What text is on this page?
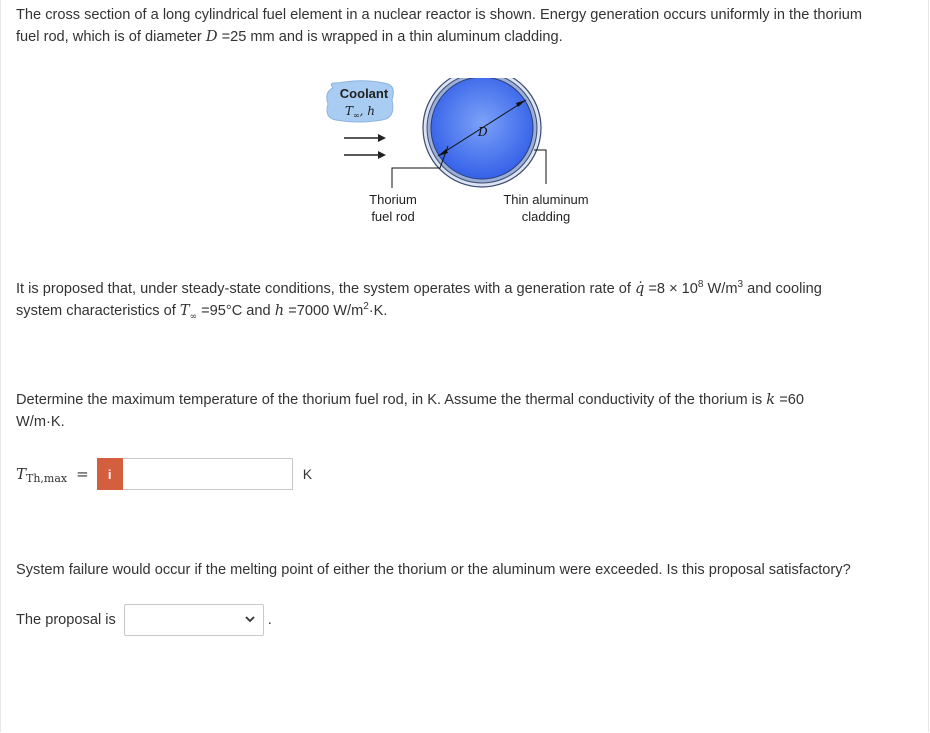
The cross section of a long cylindrical fuel element in a nuclear reactor is shown. Energy generation occurs uniformly in the thorium

fuel rod, which is of diameter D =25 mm and is wrapped in a thin aluminum cladding.

Coolant
$T_\infty$, h
D
Thorium
fuel rod
Thin aluminum
cladding

It is proposed that, under steady-state conditions, the system operates with a generation rate of q̇ $=8 \times 10^8$ $W/m^3$ and cooling

system characteristics of $T_\infty =95^\circ C$ and h =7000 $W/m^2\cdot K$.

Determine the maximum temperature of the thorium fuel rod, in K. Assume the thermal conductivity of the thorium is k =60

W/m·K.

$T_{Th,max}$ =	i	K

System failure would occur if the melting point of either the thorium or the aluminum were exceeded. Is this proposal satisfactory?

The proposal is	.
